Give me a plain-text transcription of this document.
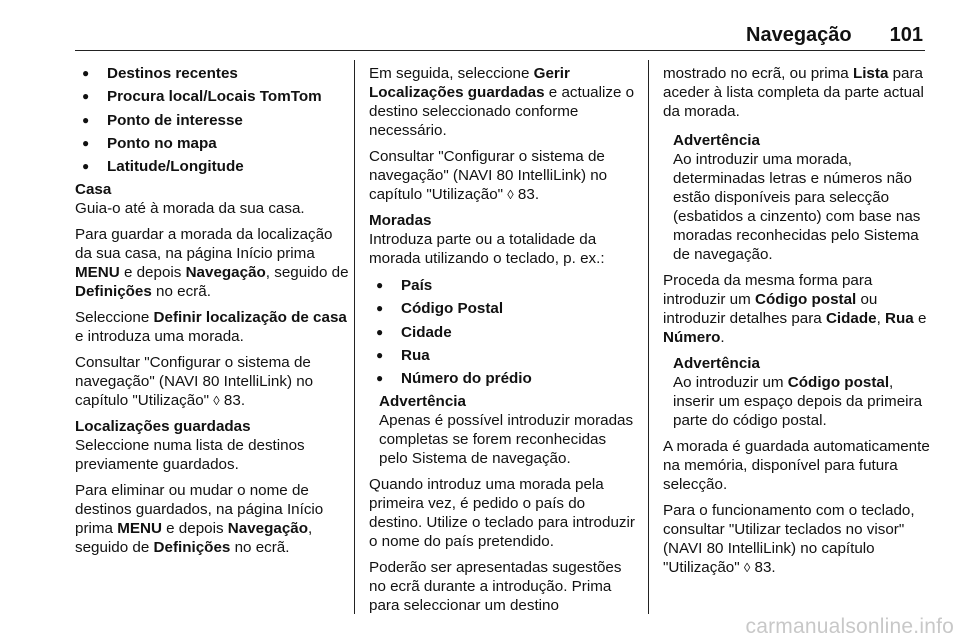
Navegação 101
● Destinos recentes
● Procura local/Locais TomTom
● Ponto de interesse
● Ponto no mapa
● Latitude/Longitude
Casa

Guia-o até à morada da sua casa.

Para guardar a morada da localização da sua casa, na página Início prima MENU e depois Navegação, seguido de Definições no ecrã.

Seleccione Definir localização de casa e introduza uma morada.

Consultar "Configurar o sistema de navegação" (NAVI 80 IntelliLink) no capítulo "Utilização" ◊ 83.

Localizações guardadas

Seleccione numa lista de destinos previamente guardados.

Para eliminar ou mudar o nome de destinos guardados, na página Início prima MENU e depois Navegação, seguido de Definições no ecrã.

Em seguida, seleccione Gerir Localizações guardadas e actualize o destino seleccionado conforme necessário.

Consultar "Configurar o sistema de navegação" (NAVI 80 IntelliLink) no capítulo "Utilização" ◊ 83.

Moradas

Introduza parte ou a totalidade da morada utilizando o teclado, p. ex.:

● País
● Código Postal
● Cidade
● Rua
● Número do prédio
Advertência
Apenas é possível introduzir moradas completas se forem reconhecidas pelo Sistema de navegação.

Quando introduz uma morada pela primeira vez, é pedido o país do destino. Utilize o teclado para introduzir o nome do país pretendido.

Poderão ser apresentadas sugestões no ecrã durante a introdução. Prima para seleccionar um destino

mostrado no ecrã, ou prima Lista para aceder à lista completa da parte actual da morada.

Advertência
Ao introduzir uma morada, determinadas letras e números não estão disponíveis para selecção (esbatidos a cinzento) com base nas moradas reconhecidas pelo Sistema de navegação.

Proceda da mesma forma para introduzir um Código postal ou introduzir detalhes para Cidade, Rua e Número.

Advertência
Ao introduzir um Código postal, inserir um espaço depois da primeira parte do código postal.

A morada é guardada automaticamente na memória, disponível para futura selecção.

Para o funcionamento com o teclado, consultar "Utilizar teclados no visor" (NAVI 80 IntelliLink) no capítulo "Utilização" ◊ 83.

carmanualsonline.info
